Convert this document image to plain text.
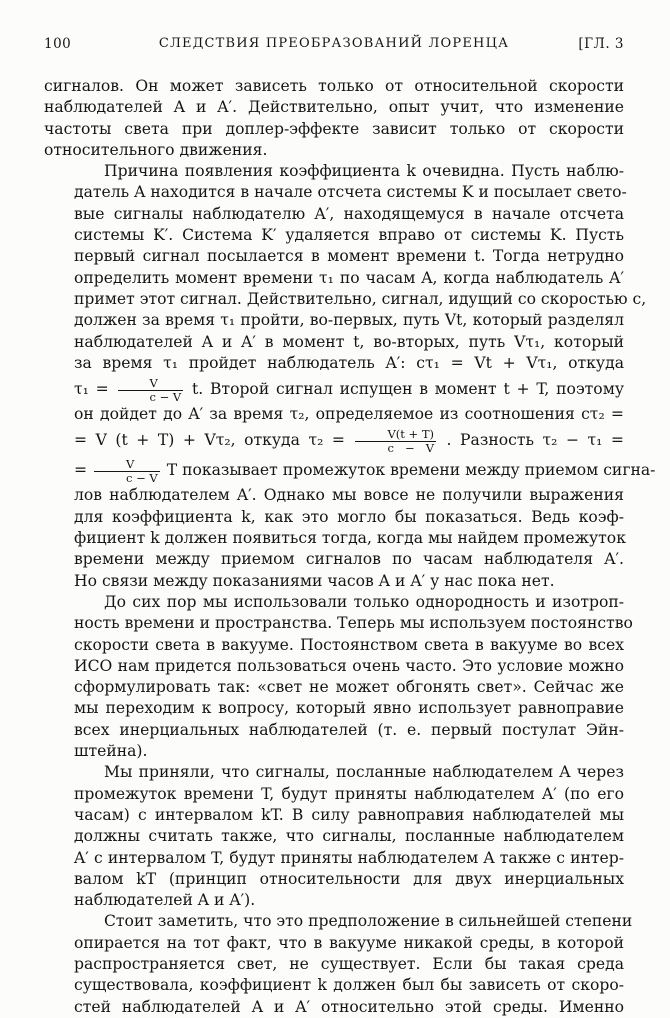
100	СЛЕДСТВИЯ ПРЕОБРАЗОВАНИЙ ЛОРЕНЦА	[ГЛ. 3
сигналов. Он может зависеть только от относительной скорости
наблюдателей A и A′. Действительно, опыт учит, что изменение
частоты света при доплер-эффекте зависит только от скорости
относительного движения.
Причина появления коэффициента k очевидна. Пусть наблю-
датель A находится в начале отсчета системы K и посылает свето-
вые сигналы наблюдателю A′, находящемуся в начале отсчета
системы K′. Система K′ удаляется вправо от системы K. Пусть
первый сигнал посылается в момент времени t. Тогда нетрудно
определить момент времени τ₁ по часам A, когда наблюдатель A′
примет этот сигнал. Действительно, сигнал, идущий со скоростью c,
должен за время τ₁ пройти, во-первых, путь Vt, который разделял
наблюдателей A и A′ в момент t, во-вторых, путь Vτ₁, который
за время τ₁ пройдет наблюдатель A′: cτ₁ = Vt + Vτ₁, откуда
$\tau_1 = \frac{V}{c - V} t$. Второй сигнал испущен в момент t + T, поэтому
он дойдет до A′ за время τ₂, определяемое из соотношения cτ₂ =
= V (t + T) + Vτ₂, откуда $\tau_2 = \frac{V(t + T)}{c - V}$ . Разность τ₂ − τ₁ =
= $\frac{V}{c - V}$ T показывает промежуток времени между приемом сигна-
лов наблюдателем A′. Однако мы вовсе не получили выражения
для коэффициента k, как это могло бы показаться. Ведь коэф-
фициент k должен появиться тогда, когда мы найдем промежуток
времени между приемом сигналов по часам наблюдателя A′.
Но связи между показаниями часов A и A′ у нас пока нет.
До сих пор мы использовали только однородность и изотроп-
ность времени и пространства. Теперь мы используем постоянство
скорости света в вакууме. Постоянством света в вакууме во всех
ИСО нам придется пользоваться очень часто. Это условие можно
сформулировать так: «свет не может обгонять свет». Сейчас же
мы переходим к вопросу, который явно использует равноправие
всех инерциальных наблюдателей (т. е. первый постулат Эйн-
штейна).
Мы приняли, что сигналы, посланные наблюдателем A через
промежуток времени T, будут приняты наблюдателем A′ (по его
часам) с интервалом kT. В силу равноправия наблюдателей мы
должны считать также, что сигналы, посланные наблюдателем
A′ с интервалом T, будут приняты наблюдателем A также с интер-
валом kT (принцип относительности для двух инерциальных
наблюдателей A и A′).
Стоит заметить, что это предположение в сильнейшей степени
опирается на тот факт, что в вакууме никакой среды, в которой
распространяется свет, не существует. Если бы такая среда
существовала, коэффициент k должен был бы зависеть от скоро-
стей наблюдателей A и A′ относительно этой среды. Именно
